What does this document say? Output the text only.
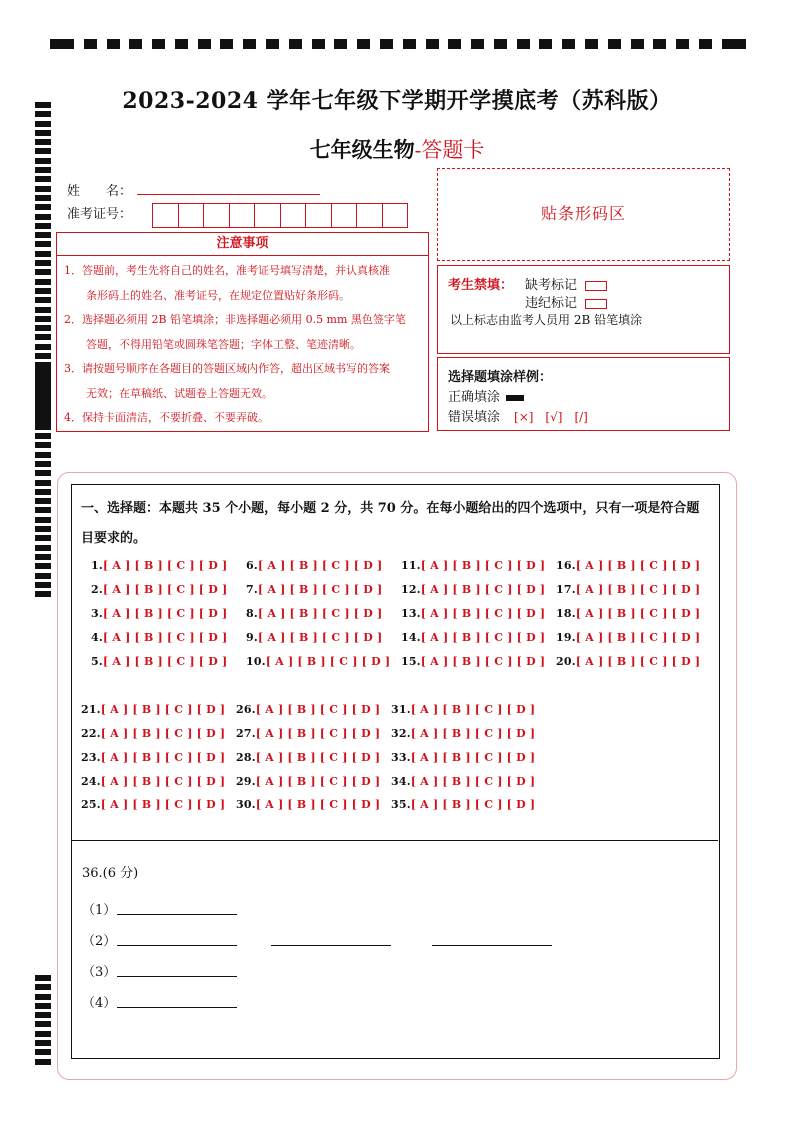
2023-2024 学年七年级下学期开学摸底考（苏科版）
七年级生物-答题卡
姓　　名：
准考证号：	贴条形码区
注意事项

1．答题前，考生先将自己的姓名，准考证号填写清楚，并认真核准

　　条形码上的姓名、准考证号，在规定位置贴好条形码。

2．选择题必须用 2B 铅笔填涂；非选择题必须用 0.5 mm 黑色签字笔

　　答题，不得用铅笔或圆珠笔答题；字体工整、笔迹清晰。

3．请按题号顺序在各题目的答题区域内作答，超出区域书写的答案

　　无效；在草稿纸、试题卷上答题无效。

4．保持卡面清洁，不要折叠、不要弄破。

考生禁填： 缺考标记
违纪标记
以上标志由监考人员用 2B 铅笔填涂
选择题填涂样例：
正确填涂
错误填涂 [×]　[√]　[/]
一、选择题：本题共 35 个小题，每小题 2 分，共 70 分。在每小题给出的四个选项中，只有一项是符合题目要求的。
1.[ A ] [ B ] [ C ] [ D ]
2.[ A ] [ B ] [ C ] [ D ]
3.[ A ] [ B ] [ C ] [ D ]
4.[ A ] [ B ] [ C ] [ D ]
5.[ A ] [ B ] [ C ] [ D ]
6.[ A ] [ B ] [ C ] [ D ]
7.[ A ] [ B ] [ C ] [ D ]
8.[ A ] [ B ] [ C ] [ D ]
9.[ A ] [ B ] [ C ] [ D ]
10.[ A ] [ B ] [ C ] [ D ]
11.[ A ] [ B ] [ C ] [ D ]
12.[ A ] [ B ] [ C ] [ D ]
13.[ A ] [ B ] [ C ] [ D ]
14.[ A ] [ B ] [ C ] [ D ]
15.[ A ] [ B ] [ C ] [ D ]
16.[ A ] [ B ] [ C ] [ D ]
17.[ A ] [ B ] [ C ] [ D ]
18.[ A ] [ B ] [ C ] [ D ]
19.[ A ] [ B ] [ C ] [ D ]
20.[ A ] [ B ] [ C ] [ D ]
21.[ A ] [ B ] [ C ] [ D ]
22.[ A ] [ B ] [ C ] [ D ]
23.[ A ] [ B ] [ C ] [ D ]
24.[ A ] [ B ] [ C ] [ D ]
25.[ A ] [ B ] [ C ] [ D ]
26.[ A ] [ B ] [ C ] [ D ]
27.[ A ] [ B ] [ C ] [ D ]
28.[ A ] [ B ] [ C ] [ D ]
29.[ A ] [ B ] [ C ] [ D ]
30.[ A ] [ B ] [ C ] [ D ]
31.[ A ] [ B ] [ C ] [ D ]
32.[ A ] [ B ] [ C ] [ D ]
33.[ A ] [ B ] [ C ] [ D ]
34.[ A ] [ B ] [ C ] [ D ]
35.[ A ] [ B ] [ C ] [ D ]
36.(6 分)
（1）
（2）
（3）
（4）
